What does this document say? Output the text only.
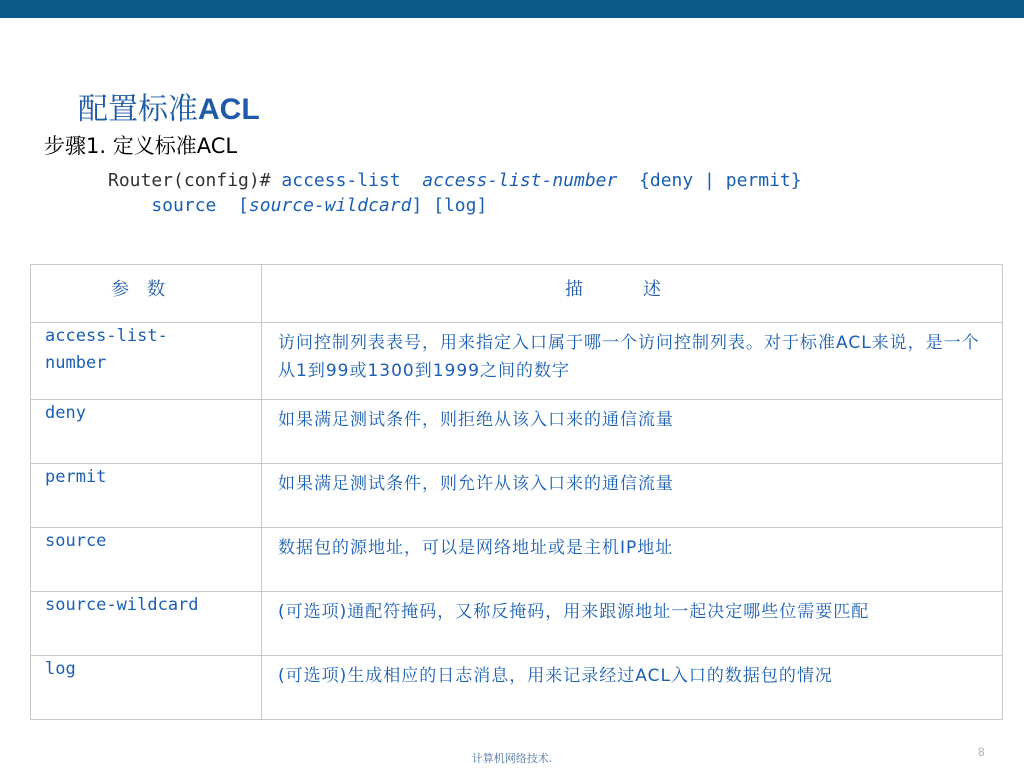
配置标准ACL
步骤1. 定义标准ACL
Router(config)# access-list  access-list-number  {deny | permit}
source  [source-wildcard] [log]
参数	描述
access-list-
number	访问控制列表表号，用来指定入口属于哪一个访问控制列表。对于标准ACL来说，是一个从1到99或1300到1999之间的数字
deny	如果满足测试条件，则拒绝从该入口来的通信流量
permit	如果满足测试条件，则允许从该入口来的通信流量
source	数据包的源地址，可以是网络地址或是主机IP地址
source-wildcard	(可选项)通配符掩码，又称反掩码，用来跟源地址一起决定哪些位需要匹配
log	(可选项)生成相应的日志消息，用来记录经过ACL入口的数据包的情况
计算机网络技术.	8
